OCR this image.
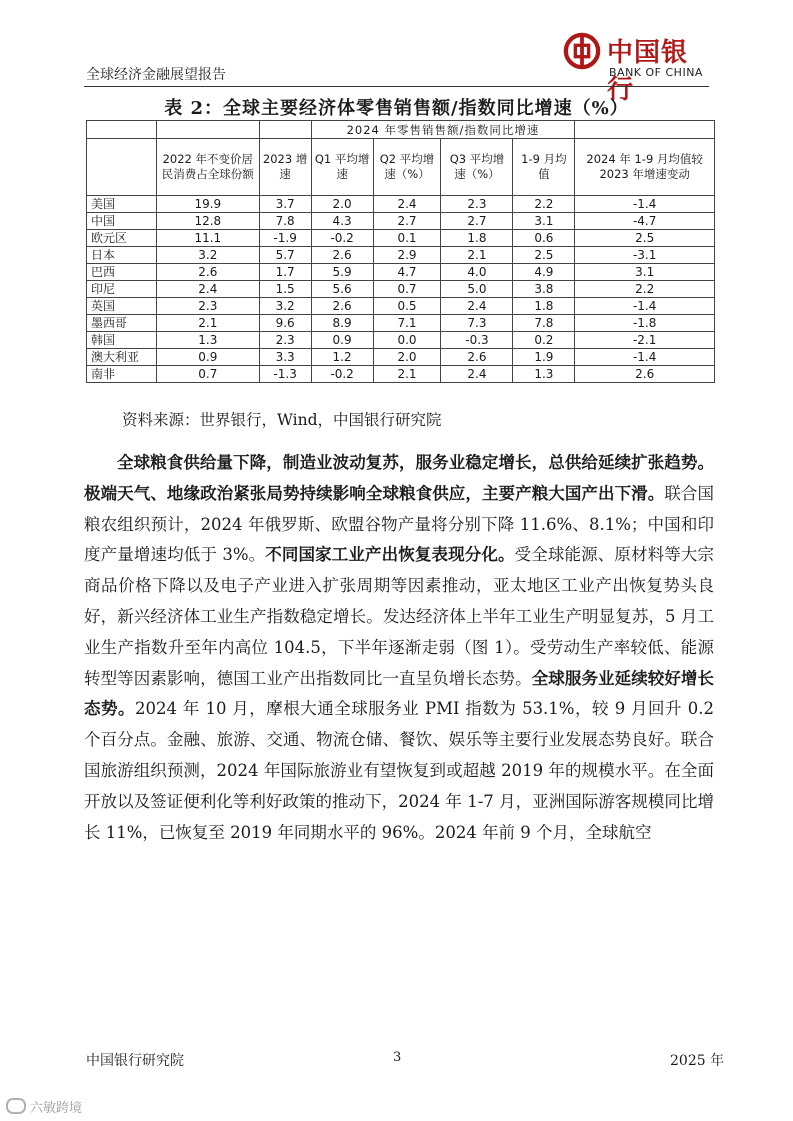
全球经济金融展望报告
中国银行
BANK OF CHINA
表 2：全球主要经济体零售销售额/指数同比增速（%）
			2024 年零售销售额/指数同比增速				
	2022 年不变价居民消费占全球份额	2023 增速	Q1 平均增速	Q2 平均增速（%）	Q3 平均增速（%）	1-9 月均值	2024 年 1-9 月均值较 2023 年增速变动
美国	19.9	3.7	2.0	2.4	2.3	2.2	-1.4
中国	12.8	7.8	4.3	2.7	2.7	3.1	-4.7
欧元区	11.1	-1.9	-0.2	0.1	1.8	0.6	2.5
日本	3.2	5.7	2.6	2.9	2.1	2.5	-3.1
巴西	2.6	1.7	5.9	4.7	4.0	4.9	3.1
印尼	2.4	1.5	5.6	0.7	5.0	3.8	2.2
英国	2.3	3.2	2.6	0.5	2.4	1.8	-1.4
墨西哥	2.1	9.6	8.9	7.1	7.3	7.8	-1.8
韩国	1.3	2.3	0.9	0.0	-0.3	0.2	-2.1
澳大利亚	0.9	3.3	1.2	2.0	2.6	1.9	-1.4
南非	0.7	-1.3	-0.2	2.1	2.4	1.3	2.6
资料来源：世界银行，Wind，中国银行研究院
全球粮食供给量下降，制造业波动复苏，服务业稳定增长，总供给延续扩张趋势。极端天气、地缘政治紧张局势持续影响全球粮食供应，主要产粮大国产出下滑。联合国粮农组织预计，2024 年俄罗斯、欧盟谷物产量将分别下降 11.6%、8.1%；中国和印度产量增速均低于 3%。不同国家工业产出恢复表现分化。受全球能源、原材料等大宗商品价格下降以及电子产业进入扩张周期等因素推动，亚太地区工业产出恢复势头良好，新兴经济体工业生产指数稳定增长。发达经济体上半年工业生产明显复苏，5 月工业生产指数升至年内高位 104.5，下半年逐渐走弱（图 1）。受劳动生产率较低、能源转型等因素影响，德国工业产出指数同比一直呈负增长态势。全球服务业延续较好增长态势。2024 年 10 月，摩根大通全球服务业 PMI 指数为 53.1%，较 9 月回升 0.2 个百分点。金融、旅游、交通、物流仓储、餐饮、娱乐等主要行业发展态势良好。联合国旅游组织预测，2024 年国际旅游业有望恢复到或超越 2019 年的规模水平。在全面开放以及签证便利化等利好政策的推动下，2024 年 1-7 月，亚洲国际游客规模同比增长 11%，已恢复至 2019 年同期水平的 96%。2024 年前 9 个月，全球航空
中国银行研究院	3	2025 年
六敏跨境
